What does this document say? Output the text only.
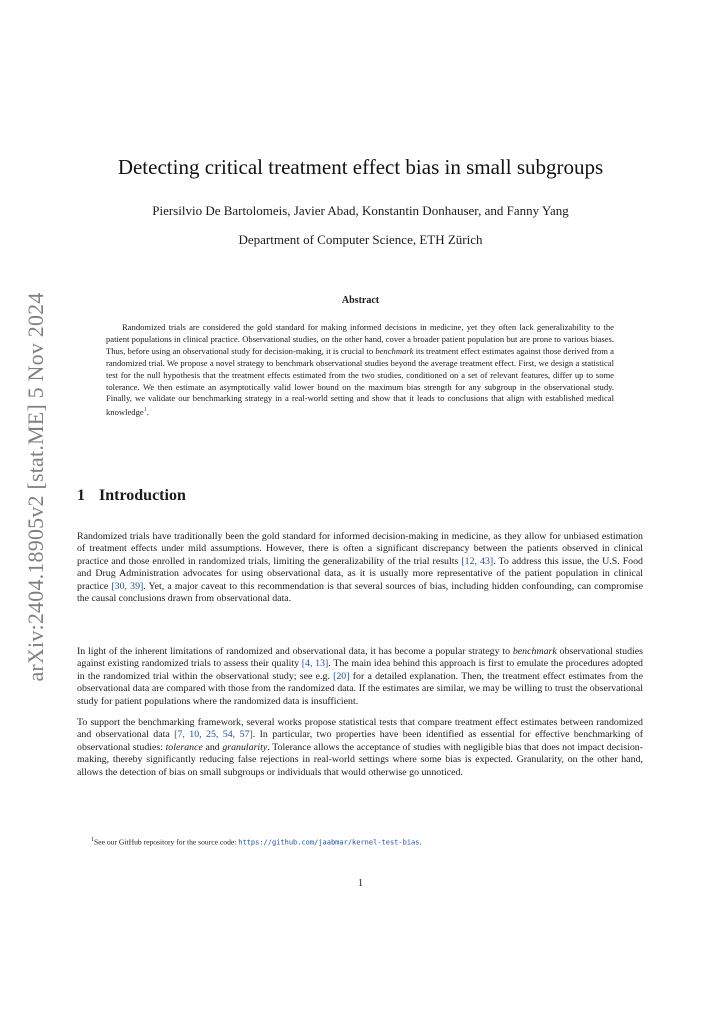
arXiv:2404.18905v2 [stat.ME] 5 Nov 2024
Detecting critical treatment effect bias in small subgroups
Piersilvio De Bartolomeis, Javier Abad, Konstantin Donhauser, and Fanny Yang
Department of Computer Science, ETH Zürich
Abstract
Randomized trials are considered the gold standard for making informed decisions in medicine, yet they often lack generalizability to the patient populations in clinical practice. Observational studies, on the other hand, cover a broader patient population but are prone to various biases. Thus, before using an observational study for decision-making, it is crucial to benchmark its treatment effect estimates against those derived from a randomized trial. We propose a novel strategy to benchmark observational studies beyond the average treatment effect. First, we design a statistical test for the null hypothesis that the treatment effects estimated from the two studies, conditioned on a set of relevant features, differ up to some tolerance. We then estimate an asymptotically valid lower bound on the maximum bias strength for any subgroup in the observational study. Finally, we validate our benchmarking strategy in a real-world setting and show that it leads to conclusions that align with established medical knowledge$^1$.
1 Introduction

Randomized trials have traditionally been the gold standard for informed decision-making in medicine, as they allow for unbiased estimation of treatment effects under mild assumptions. However, there is often a significant discrepancy between the patients observed in clinical practice and those enrolled in randomized trials, limiting the generalizability of the trial results [12, 43]. To address this issue, the U.S. Food and Drug Administration advocates for using observational data, as it is usually more representative of the patient population in clinical practice [30, 39]. Yet, a major caveat to this recommendation is that several sources of bias, including hidden confounding, can compromise the causal conclusions drawn from observational data.

In light of the inherent limitations of randomized and observational data, it has become a popular strategy to benchmark observational studies against existing randomized trials to assess their quality [4, 13]. The main idea behind this approach is first to emulate the procedures adopted in the randomized trial within the observational study; see e.g. [20] for a detailed explanation. Then, the treatment effect estimates from the observational data are compared with those from the randomized data. If the estimates are similar, we may be willing to trust the observational study for patient populations where the randomized data is insufficient.

To support the benchmarking framework, several works propose statistical tests that compare treatment effect estimates between randomized and observational data [7, 10, 25, 54, 57]. In particular, two properties have been identified as essential for effective benchmarking of observational studies: tolerance and granularity. Tolerance allows the acceptance of studies with negligible bias that does not impact decision-making, thereby significantly reducing false rejections in real-world settings where some bias is expected. Granularity, on the other hand, allows the detection of bias on small subgroups or individuals that would otherwise go unnoticed.

$^1$See our GitHub repository for the source code: https://github.com/jaabmar/kernel-test-bias.
1
